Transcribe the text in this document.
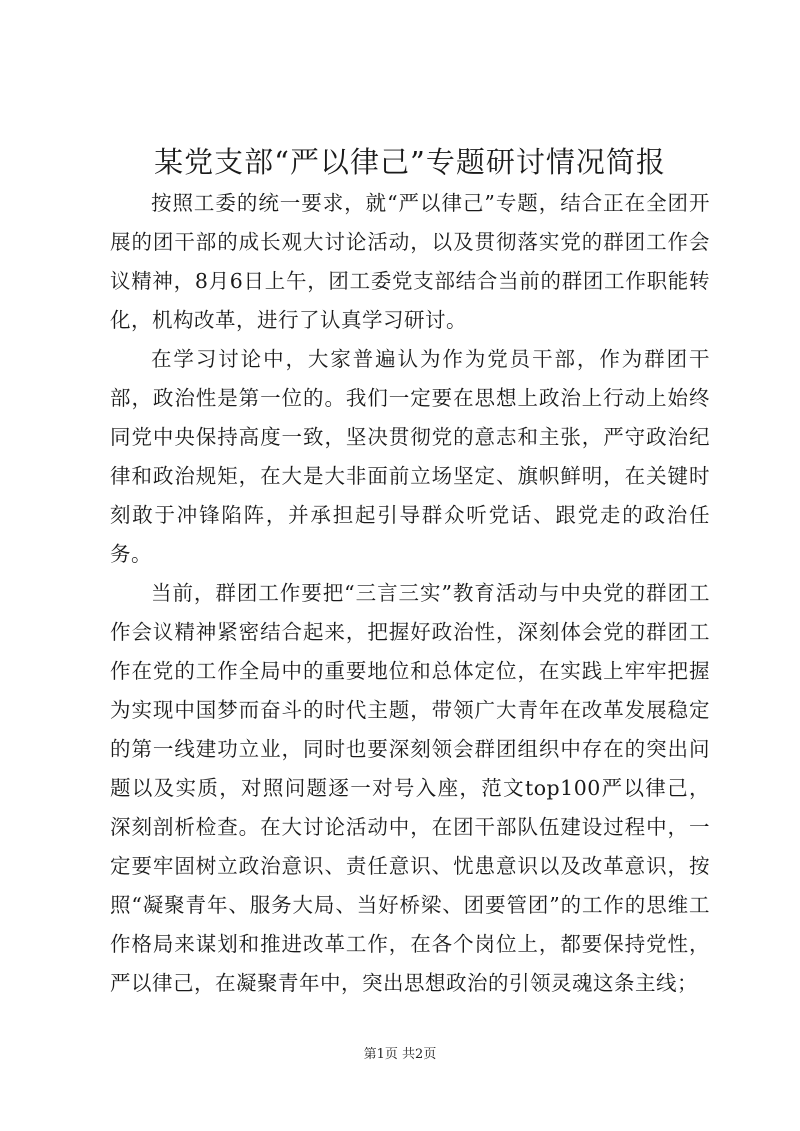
某党支部“严以律己”专题研讨情况简报

按照工委的统一要求，就“严以律己”专题，结合正在全团开展的团干部的成长观大讨论活动，以及贯彻落实党的群团工作会议精神，8月6日上午，团工委党支部结合当前的群团工作职能转化，机构改革，进行了认真学习研讨。

在学习讨论中，大家普遍认为作为党员干部，作为群团干部，政治性是第一位的。我们一定要在思想上政治上行动上始终同党中央保持高度一致，坚决贯彻党的意志和主张，严守政治纪律和政治规矩，在大是大非面前立场坚定、旗帜鲜明，在关键时刻敢于冲锋陷阵，并承担起引导群众听党话、跟党走的政治任务。

当前，群团工作要把“三言三实”教育活动与中央党的群团工作会议精神紧密结合起来，把握好政治性，深刻体会党的群团工作在党的工作全局中的重要地位和总体定位，在实践上牢牢把握为实现中国梦而奋斗的时代主题，带领广大青年在改革发展稳定的第一线建功立业，同时也要深刻领会群团组织中存在的突出问题以及实质，对照问题逐一对号入座，范文top100严以律己，深刻剖析检查。在大讨论活动中，在团干部队伍建设过程中，一定要牢固树立政治意识、责任意识、忧患意识以及改革意识，按照“凝聚青年、服务大局、当好桥梁、团要管团”的工作的思维工作格局来谋划和推进改革工作，在各个岗位上，都要保持党性，严以律己，在凝聚青年中，突出思想政治的引领灵魂这条主线；

第1页 共2页
